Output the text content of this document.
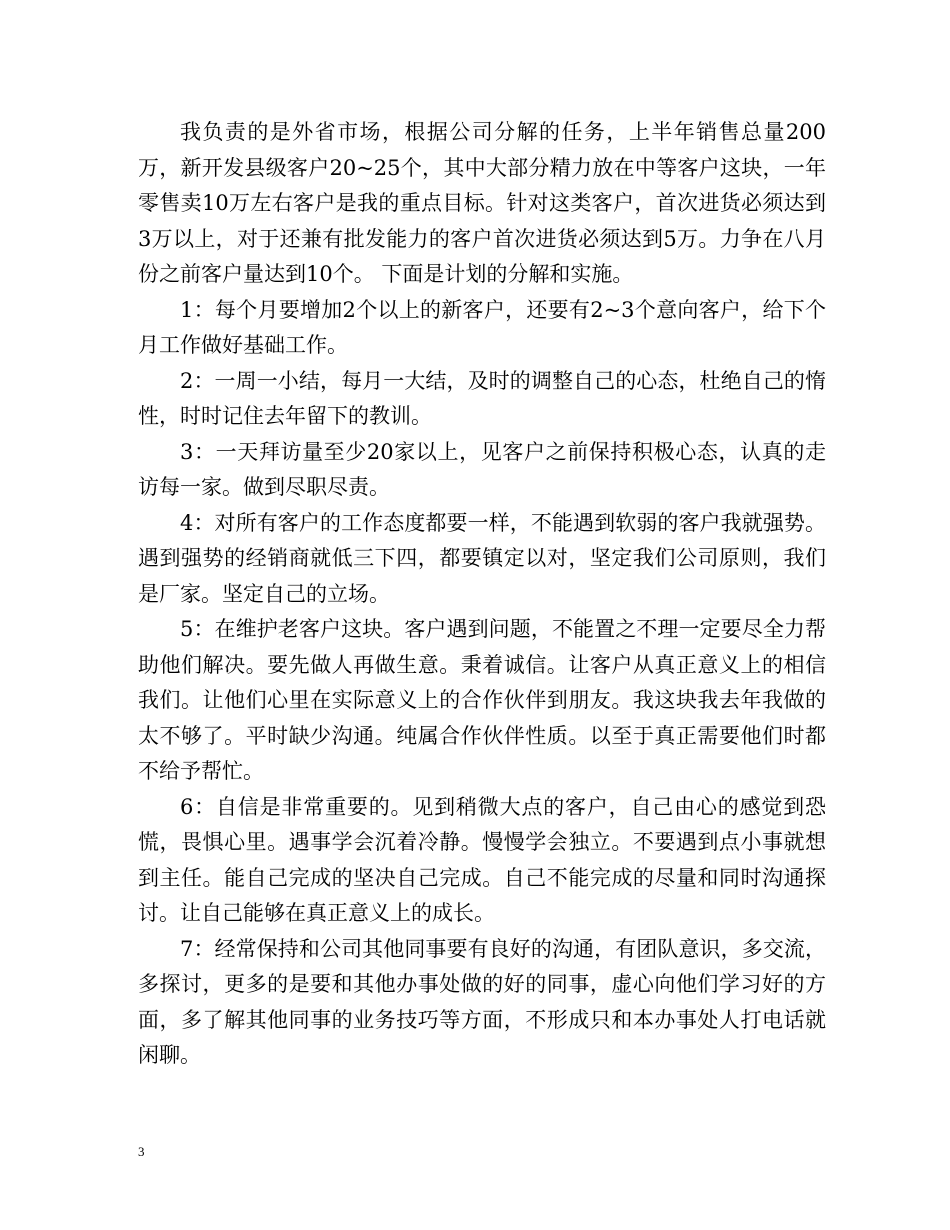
我负责的是外省市场，根据公司分解的任务，上半年销售总量200万，新开发县级客户20~25个，其中大部分精力放在中等客户这块，一年零售卖10万左右客户是我的重点目标。针对这类客户，首次进货必须达到3万以上，对于还兼有批发能力的客户首次进货必须达到5万。力争在八月份之前客户量达到10个。 下面是计划的分解和实施。

1：每个月要增加2个以上的新客户，还要有2~3个意向客户，给下个月工作做好基础工作。

2：一周一小结，每月一大结，及时的调整自己的心态，杜绝自己的惰性，时时记住去年留下的教训。

3：一天拜访量至少20家以上，见客户之前保持积极心态，认真的走访每一家。做到尽职尽责。

4：对所有客户的工作态度都要一样，不能遇到软弱的客户我就强势。遇到强势的经销商就低三下四，都要镇定以对，坚定我们公司原则，我们是厂家。坚定自己的立场。

5：在维护老客户这块。客户遇到问题，不能置之不理一定要尽全力帮助他们解决。要先做人再做生意。秉着诚信。让客户从真正意义上的相信我们。让他们心里在实际意义上的合作伙伴到朋友。我这块我去年我做的太不够了。平时缺少沟通。纯属合作伙伴性质。以至于真正需要他们时都不给予帮忙。

6：自信是非常重要的。见到稍微大点的客户，自己由心的感觉到恐慌，畏惧心里。遇事学会沉着冷静。慢慢学会独立。不要遇到点小事就想到主任。能自己完成的坚决自己完成。自己不能完成的尽量和同时沟通探讨。让自己能够在真正意义上的成长。

7：经常保持和公司其他同事要有良好的沟通，有团队意识，多交流，多探讨，更多的是要和其他办事处做的好的同事，虚心向他们学习好的方面，多了解其他同事的业务技巧等方面，不形成只和本办事处人打电话就闲聊。

3
